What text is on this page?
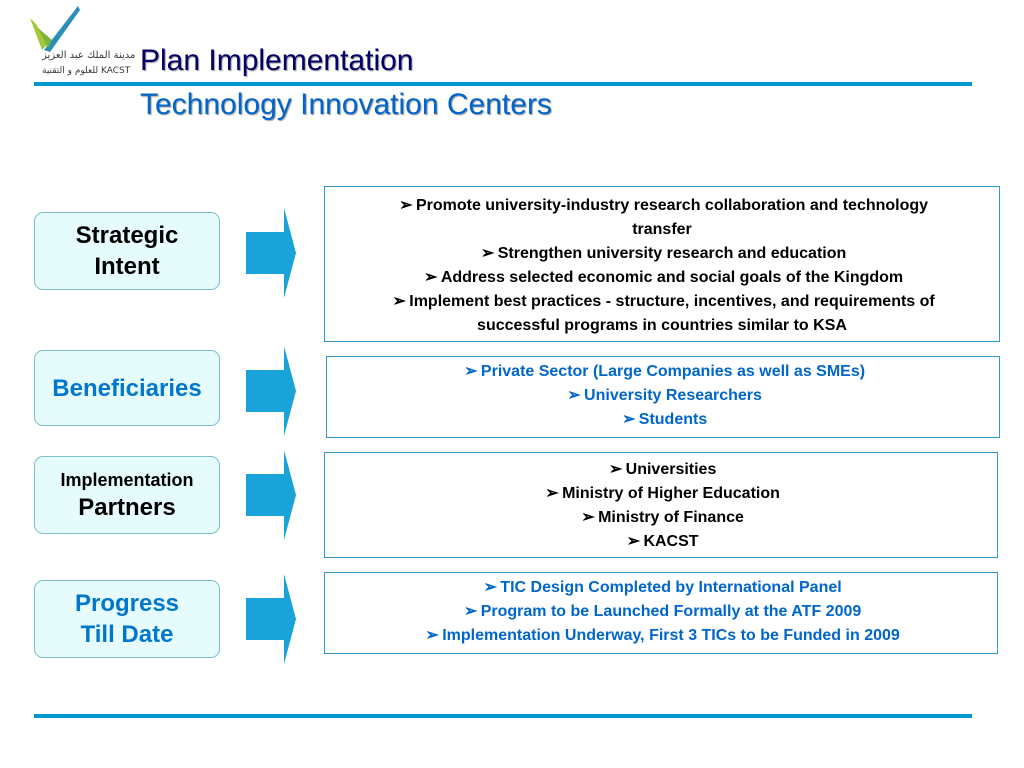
مدينة الملك عبد العزيز
للعلوم و التقنية KACST Plan Implementation
Technology Innovation Centers
Strategic
Intent
➢ Promote university-industry research collaboration and technology transfer
➢ Strengthen university research and education
➢ Address selected economic and social goals of the Kingdom
➢ Implement best practices - structure, incentives, and requirements of successful programs in countries similar to KSA
Beneficiaries
➢ Private Sector (Large Companies as well as SMEs)
➢ University Researchers
➢ Students
Implementation
Partners
➢ Universities
➢ Ministry of Higher Education
➢ Ministry of Finance
➢ KACST
Progress
Till Date
➢ TIC Design Completed by International Panel
➢ Program to be Launched Formally at the ATF 2009
➢ Implementation Underway, First 3 TICs to be Funded in 2009
